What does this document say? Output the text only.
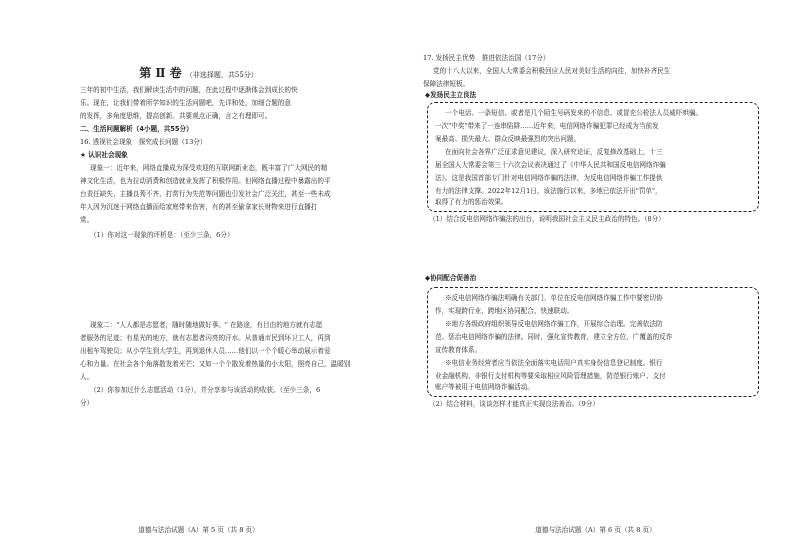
第 Ⅱ 卷 （非选择题，共55分）
三年的初中生活，我们解读生活中的问题，在此过程中逐渐体会到成长的快
乐。现在，让我们带着所学知识的生活问题吧，先详和处，加细合题的意
的发挥，多角度思维，提高创新。共要观点正确，言之有理即可。
二、生活问题解析（4小题，共55分）
16. 透视社会现象　探究成长问题（13分）
★ 认识社会现象
现象一：近年来，网络直播成为深受欢迎的互联网新业态，既丰富了广大网民的精
神文化生活，也为拉动消费和创造就业发挥了积极作用。但网络直播过程中暴露出的平
台责任缺失、主播良莠不齐、打赏行为失范等问题也引发社会广泛关注，甚至一些未成
年人因为沉迷于网络直播而给家庭带来伤害，有的甚至偷拿家长财物来进行直播打
赏。
（1）你对这一现象的评析是：（至少三条，6分）
现象二："人人都是志愿者，随时随地做好事。" 在路途，有目由的地方就有志愿
者服务的足迹；有星光的地方，就有志愿者闪亮的汗水。从普通市民到环卫工人，再到
出租车驾驶员；从小学生到大学生，再到退休人员……他们以一个个暖心举动展示着爱
心和力量。在社会各个角落散发着光芒；又如一个个散发着热量的小太阳，照亮自己，温暖别
人。
（2）你参加过什么志愿活动（1分），并分享参与该活动的收获。（至少三条，6
分）
道德与法治试题（A）第 5 页（共 8 页）
17. 发扬民主优势　推进依法治国（17分）
党的十八大以来，全国人大常委会积极回应人民对美好生活的向往，加快补齐民生
保障法律短板。
◆发扬民主立良法
一个电话、一条短信、或者是几个陌生号码发来的不信息、或冒充公检法人员威吓哄骗。
一次"中奖"带来了一连串陷阱……近年来，电信网络诈骗犯罪已经成为当前发
案最高、损失最大、群众反映最强烈的突出问题。
在面向社会各界广泛征求意见建议，深入研究论证，反复修改基础上，十三
届全国人大常委会第三十六次会议表决通过了《中华人民共和国反电信网络诈骗
法》。这是我国首部专门针对电信网络诈骗的法律，为反电信网络诈骗工作提供
有力的法律支撑。2022年12月1日，该法施行以来，多地已依法开出"罚单"，
取得了有力的惩治效果。
（1）结合反电信网络诈骗法的出台，说明我国社会主义民主政治的特色。（8分）
◆协同配合促善治
※反电信网络诈骗法明确有关部门、单位在反电信网络诈骗工作中要密切协
作，实现跨行业、跨地区协同配合、快速联动。
※地方各级政府组织领导反电信网络诈骗工作，开展综合治理。完善依法防
范、惩治电信网络诈骗的法律。同时，强化宣传教育，建立全方位、广覆盖的反诈
宣传教育体系。
※电信业务经营者应当依法全面落实电话用户真实身份信息登记制度。银行
业金融机构、非银行支付机构等要采取相应风险管理措施，防范银行账户、支付
账户等被用于电信网络诈骗活动。
（2）结合材料，谈谈怎样才能真正实现良法善治。（9分）
道德与法治试题（A）第 6 页（共 8 页）
